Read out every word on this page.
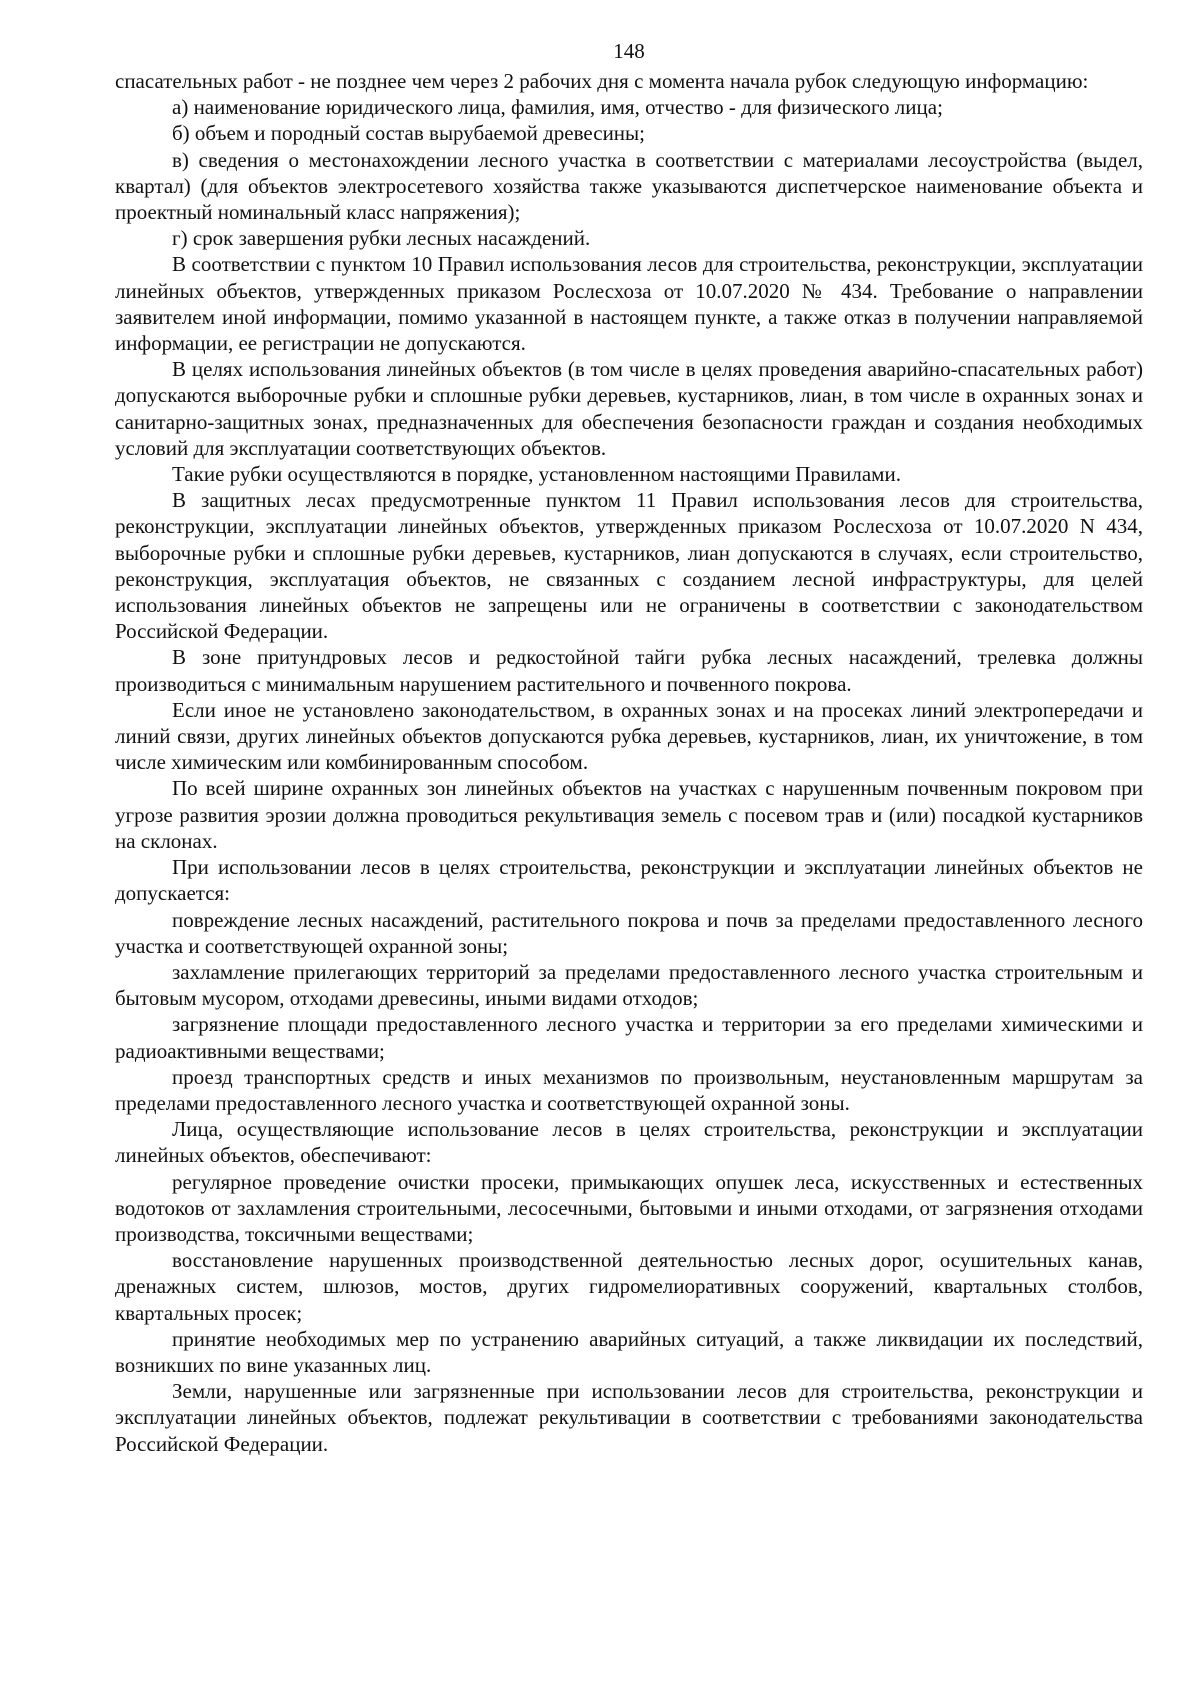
148

спасательных работ - не позднее чем через 2 рабочих дня с момента начала рубок следующую информацию:

а) наименование юридического лица, фамилия, имя, отчество - для физического лица;

б) объем и породный состав вырубаемой древесины;

в) сведения о местонахождении лесного участка в соответствии с материалами лесоустройства (выдел, квартал) (для объектов электросетевого хозяйства также указываются диспетчерское наименование объекта и проектный номинальный класс напряжения);

г) срок завершения рубки лесных насаждений.

В соответствии с пунктом 10 Правил использования лесов для строительства, реконструкции, эксплуатации линейных объектов, утвержденных приказом Рослесхоза от 10.07.2020 № 434. Требование о направлении заявителем иной информации, помимо указанной в настоящем пункте, а также отказ в получении направляемой информации, ее регистрации не допускаются.

В целях использования линейных объектов (в том числе в целях проведения аварийно-спасательных работ) допускаются выборочные рубки и сплошные рубки деревьев, кустарников, лиан, в том числе в охранных зонах и санитарно-защитных зонах, предназначенных для обеспечения безопасности граждан и создания необходимых условий для эксплуатации соответствующих объектов.

Такие рубки осуществляются в порядке, установленном настоящими Правилами.

В защитных лесах предусмотренные пунктом 11 Правил использования лесов для строительства, реконструкции, эксплуатации линейных объектов, утвержденных приказом Рослесхоза от 10.07.2020 N 434, выборочные рубки и сплошные рубки деревьев, кустарников, лиан допускаются в случаях, если строительство, реконструкция, эксплуатация объектов, не связанных с созданием лесной инфраструктуры, для целей использования линейных объектов не запрещены или не ограничены в соответствии с законодательством Российской Федерации.

В зоне притундровых лесов и редкостойной тайги рубка лесных насаждений, трелевка должны производиться с минимальным нарушением растительного и почвенного покрова.

Если иное не установлено законодательством, в охранных зонах и на просеках линий электропередачи и линий связи, других линейных объектов допускаются рубка деревьев, кустарников, лиан, их уничтожение, в том числе химическим или комбинированным способом.

По всей ширине охранных зон линейных объектов на участках с нарушенным почвенным покровом при угрозе развития эрозии должна проводиться рекультивация земель с посевом трав и (или) посадкой кустарников на склонах.

При использовании лесов в целях строительства, реконструкции и эксплуатации линейных объектов не допускается:

повреждение лесных насаждений, растительного покрова и почв за пределами предоставленного лесного участка и соответствующей охранной зоны;

захламление прилегающих территорий за пределами предоставленного лесного участка строительным и бытовым мусором, отходами древесины, иными видами отходов;

загрязнение площади предоставленного лесного участка и территории за его пределами химическими и радиоактивными веществами;

проезд транспортных средств и иных механизмов по произвольным, неустановленным маршрутам за пределами предоставленного лесного участка и соответствующей охранной зоны.

Лица, осуществляющие использование лесов в целях строительства, реконструкции и эксплуатации линейных объектов, обеспечивают:

регулярное проведение очистки просеки, примыкающих опушек леса, искусственных и естественных водотоков от захламления строительными, лесосечными, бытовыми и иными отходами, от загрязнения отходами производства, токсичными веществами;

восстановление нарушенных производственной деятельностью лесных дорог, осушительных канав, дренажных систем, шлюзов, мостов, других гидромелиоративных сооружений, квартальных столбов, квартальных просек;

принятие необходимых мер по устранению аварийных ситуаций, а также ликвидации их последствий, возникших по вине указанных лиц.

Земли, нарушенные или загрязненные при использовании лесов для строительства, реконструкции и эксплуатации линейных объектов, подлежат рекультивации в соответствии с требованиями законодательства Российской Федерации.
